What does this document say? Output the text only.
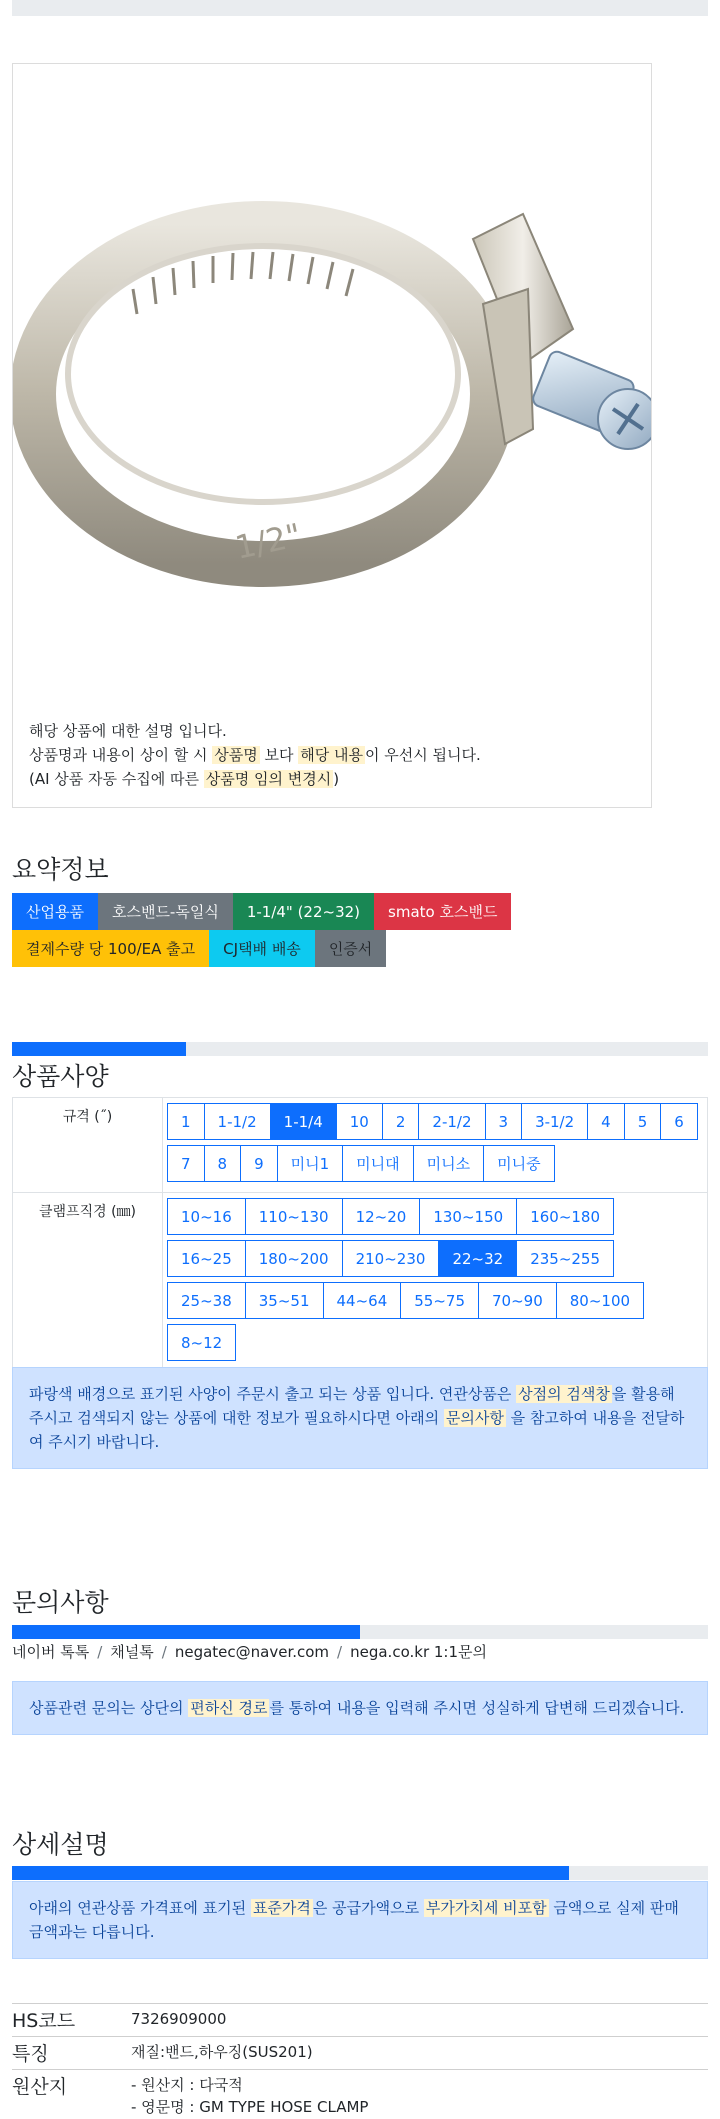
1/2"
해당 상품에 대한 설명 입니다.
상품명과 내용이 상이 할 시 상품명 보다 해당 내용 이 우선시 됩니다.
(AI 상품 자동 수집에 따른 상품명 임의 변경시 )
요약정보
산업용품	호스밴드-독일식	1-1/4" (22~32)	smato 호스밴드
결제수량 당 100/EA 출고	CJ택배 배송	인증서
상품사양
규격 (˝)	1	1-1/2	1-1/4	10	2	2-1/2	3	3-1/2	4	5	6
7	8	9	미니1	미니대	미니소	미니중
클램프직경 (㎜)	10~16	110~130	12~20	130~150	160~180
16~25	180~200	210~230	22~32	235~255
25~38	35~51	44~64	55~75	70~90	80~100
8~12
파랑색 배경으로 표기된 사양이 주문시 출고 되는 상품 입니다. 연관상품은 상점의 검색창 을 활용해 주시고 검색되지 않는 상품에 대한 정보가 필요하시다면 아래의 문의사항 을 참고하여 내용을 전달하여 주시기 바랍니다.
문의사항
네이버 톡톡 / 채널톡 / negatec@naver.com / nega.co.kr 1:1문의
상품관련 문의는 상단의 편하신 경로 를 통하여 내용을 입력해 주시면 성실하게 답변해 드리겠습니다.
상세설명
아래의 연관상품 가격표에 표기된 표준가격 은 공급가액으로 부가가치세 비포함 금액으로 실제 판매금액과는 다릅니다.
HS코드	7326909000
특징	재질:밴드,하우징(SUS201)
원산지	- 원산지 : 다국적
- 영문명 : GM TYPE HOSE CLAMP
